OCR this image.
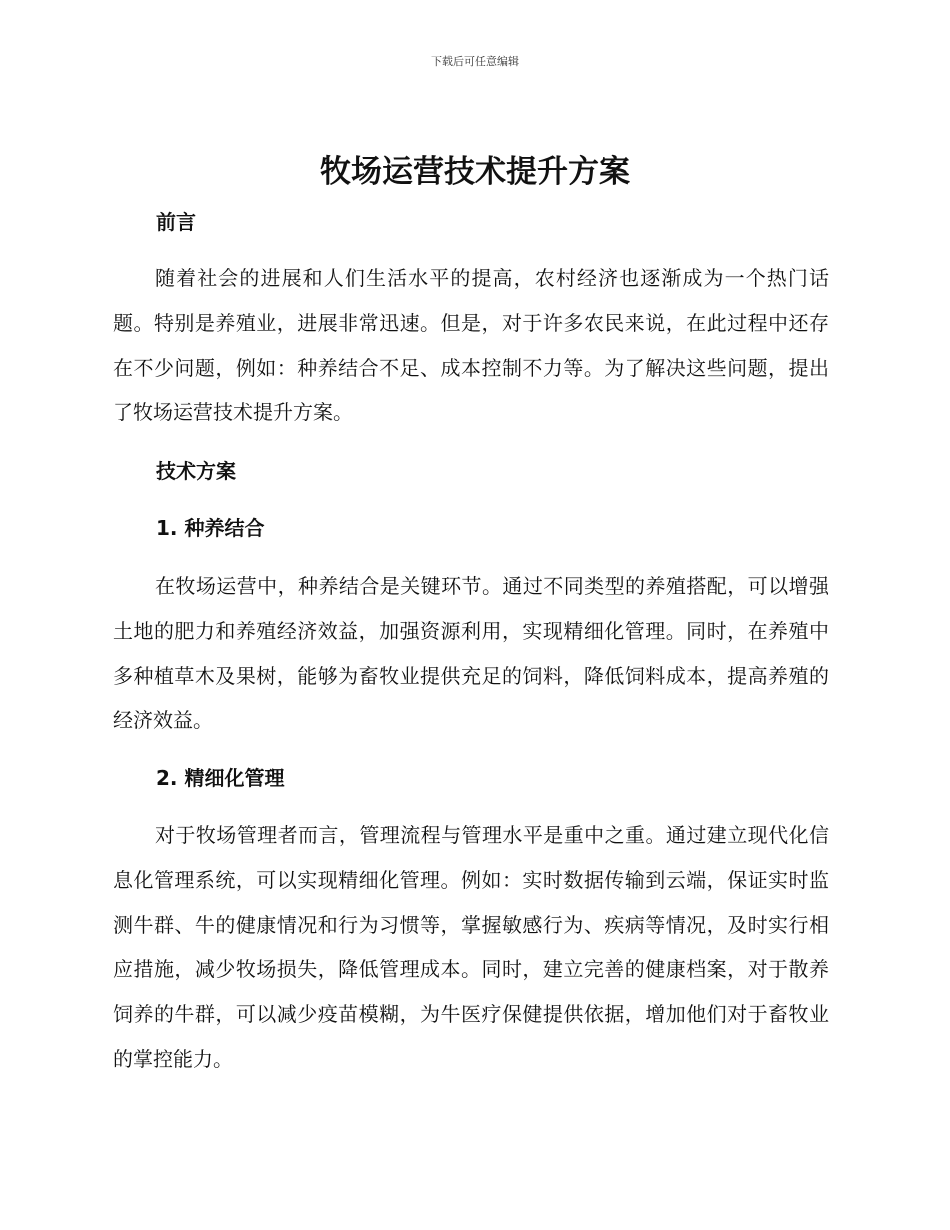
下载后可任意编辑
牧场运营技术提升方案
前言

随着社会的进展和人们生活水平的提高，农村经济也逐渐成为一个热门话题。特别是养殖业，进展非常迅速。但是，对于许多农民来说，在此过程中还存在不少问题，例如：种养结合不足、成本控制不力等。为了解决这些问题，提出了牧场运营技术提升方案。

技术方案
1. 种养结合

在牧场运营中，种养结合是关键环节。通过不同类型的养殖搭配，可以增强土地的肥力和养殖经济效益，加强资源利用，实现精细化管理。同时，在养殖中多种植草木及果树，能够为畜牧业提供充足的饲料，降低饲料成本，提高养殖的经济效益。

2. 精细化管理

对于牧场管理者而言，管理流程与管理水平是重中之重。通过建立现代化信息化管理系统，可以实现精细化管理。例如：实时数据传输到云端，保证实时监测牛群、牛的健康情况和行为习惯等，掌握敏感行为、疾病等情况，及时实行相应措施，减少牧场损失，降低管理成本。同时，建立完善的健康档案，对于散养饲养的牛群，可以减少疫苗模糊，为牛医疗保健提供依据，增加他们对于畜牧业的掌控能力。
